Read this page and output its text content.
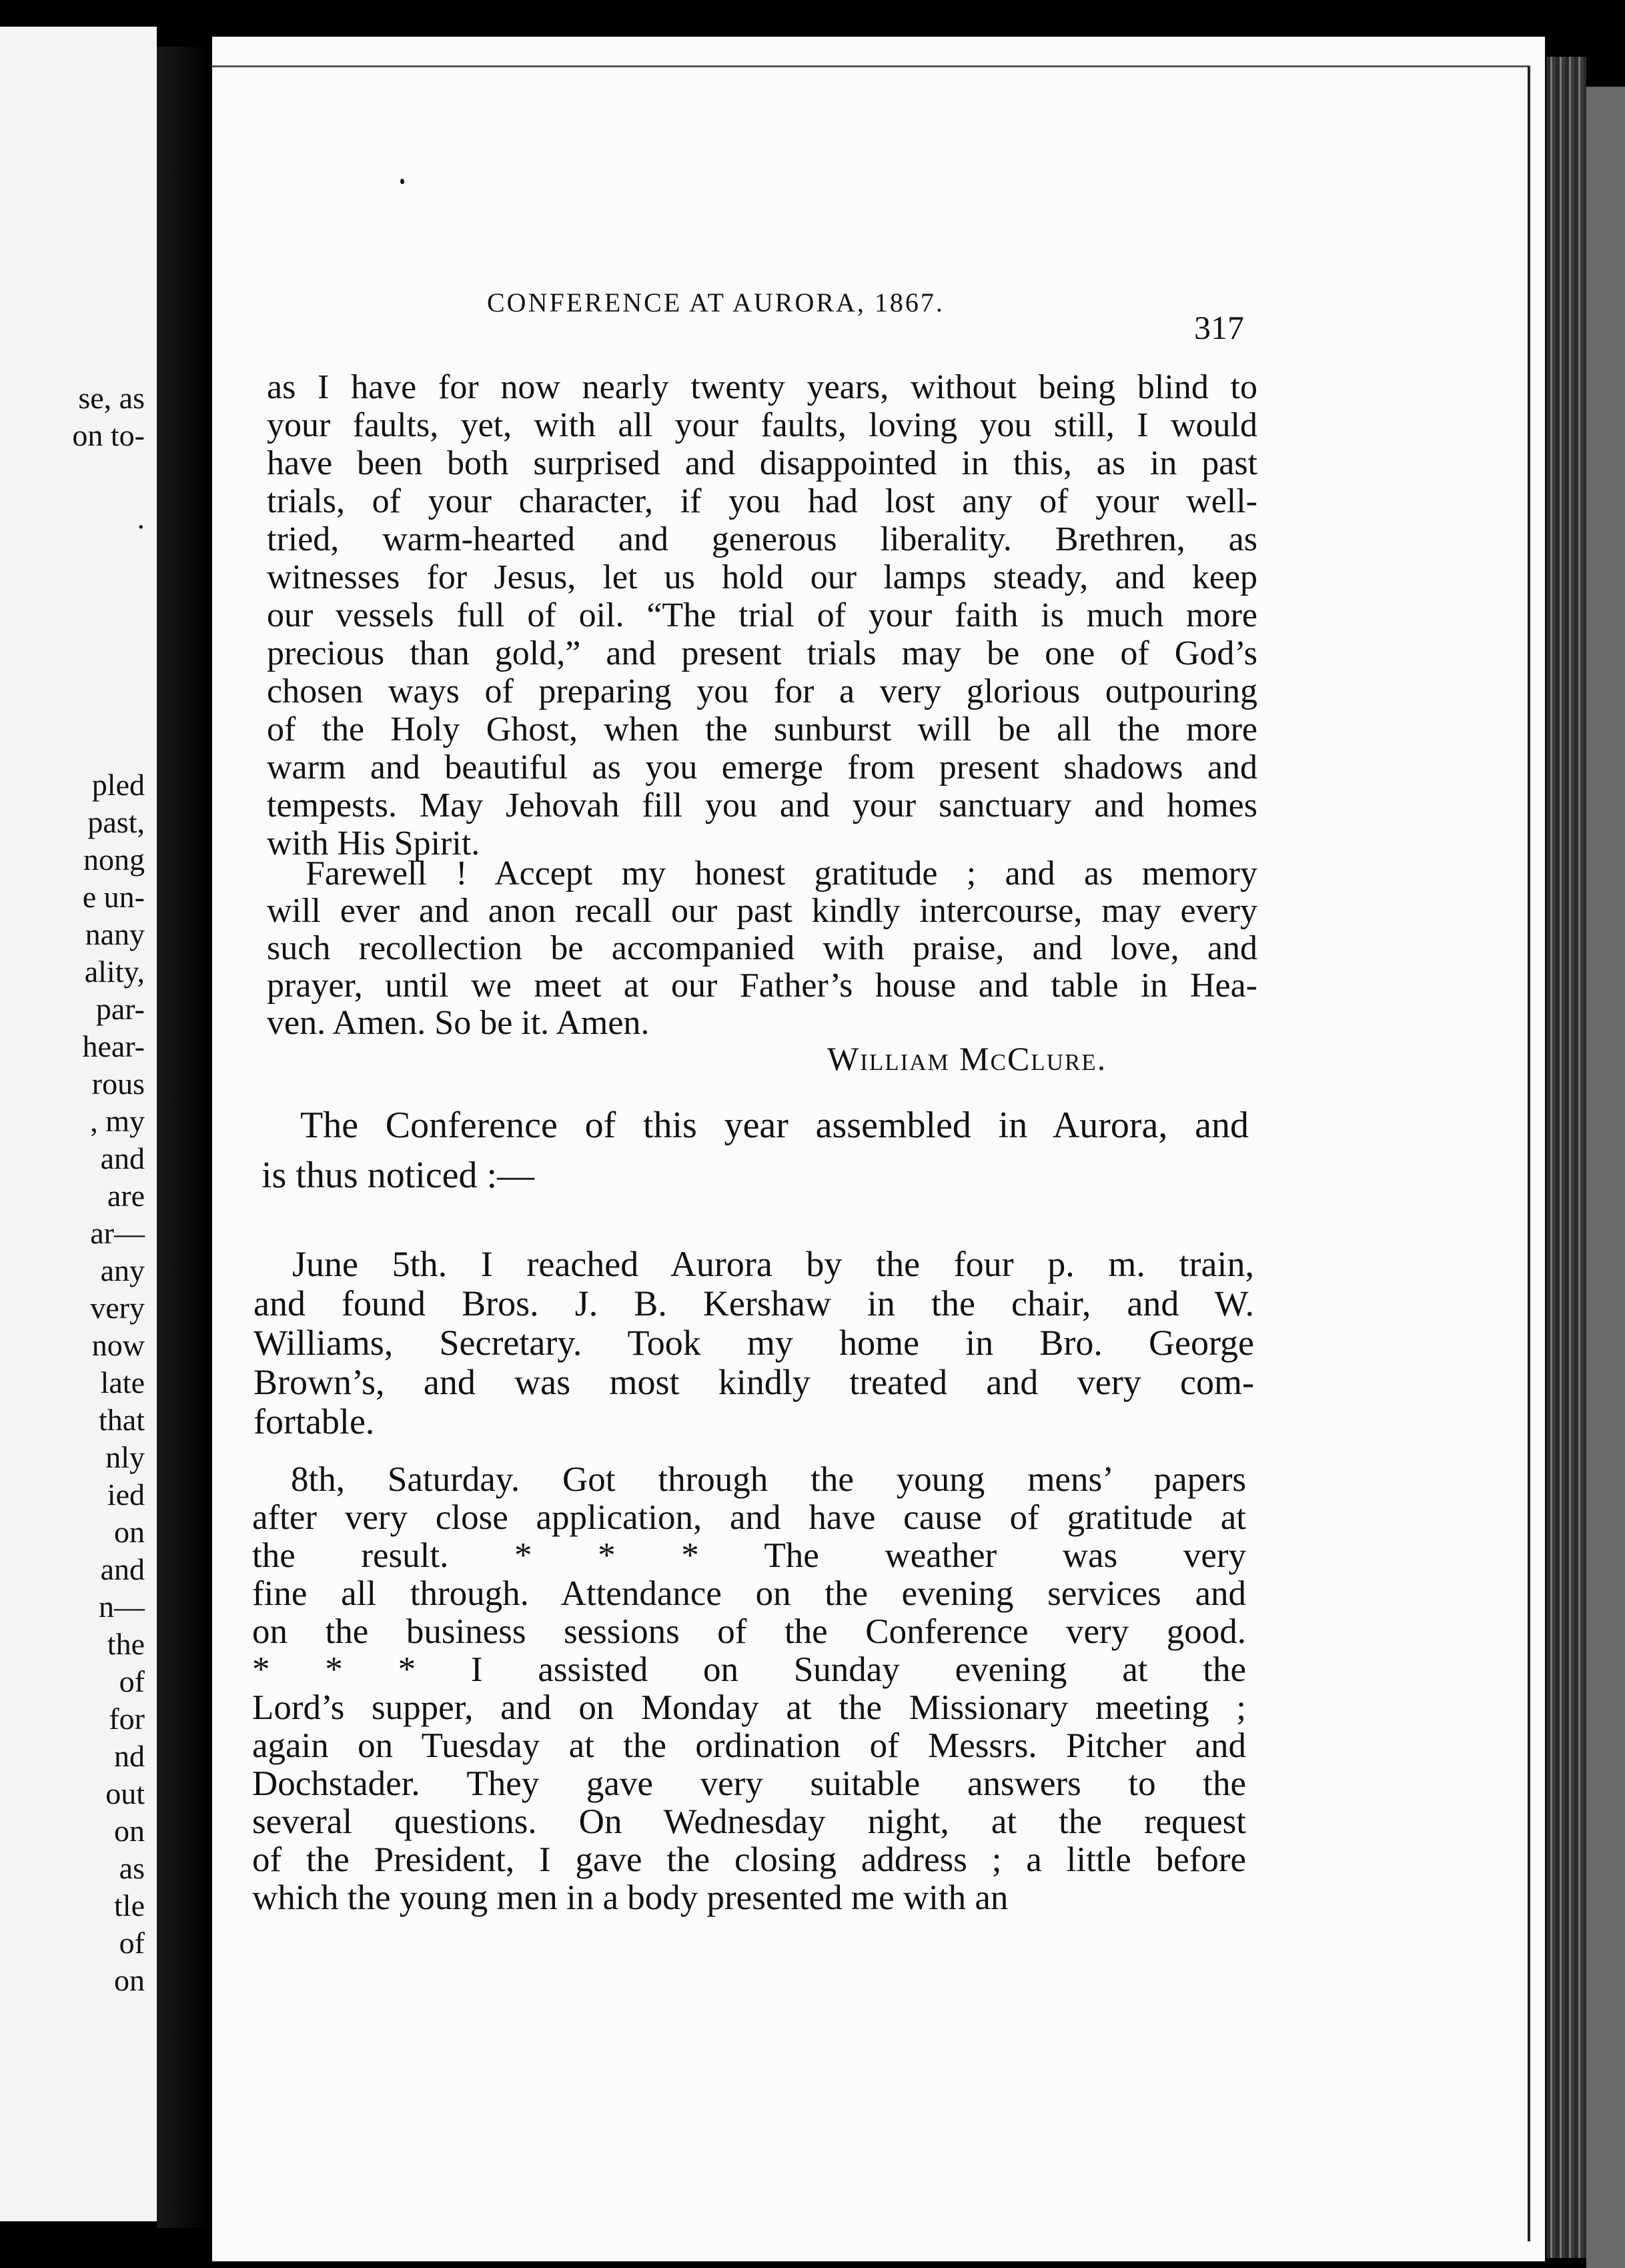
se, as
on to-
.
pled
past,
nong
e un-
nany
ality,
par-
hear-
rous
, my
and
are
ar—
any
very
now
late
that
nly
ied
on
and
n—
the
of
for
nd
out
on
as
tle
of
on
CONFERENCE AT AURORA, 1867.
317
as I have for now nearly twenty years, without being blind to
your faults, yet, with all your faults, loving you still, I would
have been both surprised and disappointed in this, as in past
trials, of your character, if you had lost any of your well-
tried, warm-hearted and generous liberality. Brethren, as
witnesses for Jesus, let us hold our lamps steady, and keep
our vessels full of oil. “The trial of your faith is much more
precious than gold,” and present trials may be one of God’s
chosen ways of preparing you for a very glorious outpouring
of the Holy Ghost, when the sunburst will be all the more
warm and beautiful as you emerge from present shadows and
tempests. May Jehovah fill you and your sanctuary and homes
with His Spirit.
Farewell ! Accept my honest gratitude ; and as memory
will ever and anon recall our past kindly intercourse, may every
such recollection be accompanied with praise, and love, and
prayer, until we meet at our Father’s house and table in Hea-
ven. Amen. So be it. Amen.
William McClure.
The Conference of this year assembled in Aurora, and
is thus noticed :—
June 5th. I reached Aurora by the four p. m. train,
and found Bros. J. B. Kershaw in the chair, and W.
Williams, Secretary. Took my home in Bro. George
Brown’s, and was most kindly treated and very com-
fortable.
8th, Saturday. Got through the young mens’ papers
after very close application, and have cause of gratitude at
the result. * * * The weather was very
fine all through. Attendance on the evening services and
on the business sessions of the Conference very good.
* * * I assisted on Sunday evening at the
Lord’s supper, and on Monday at the Missionary meeting ;
again on Tuesday at the ordination of Messrs. Pitcher and
Dochstader. They gave very suitable answers to the
several questions. On Wednesday night, at the request
of the President, I gave the closing address ; a little before
which the young men in a body presented me with an
